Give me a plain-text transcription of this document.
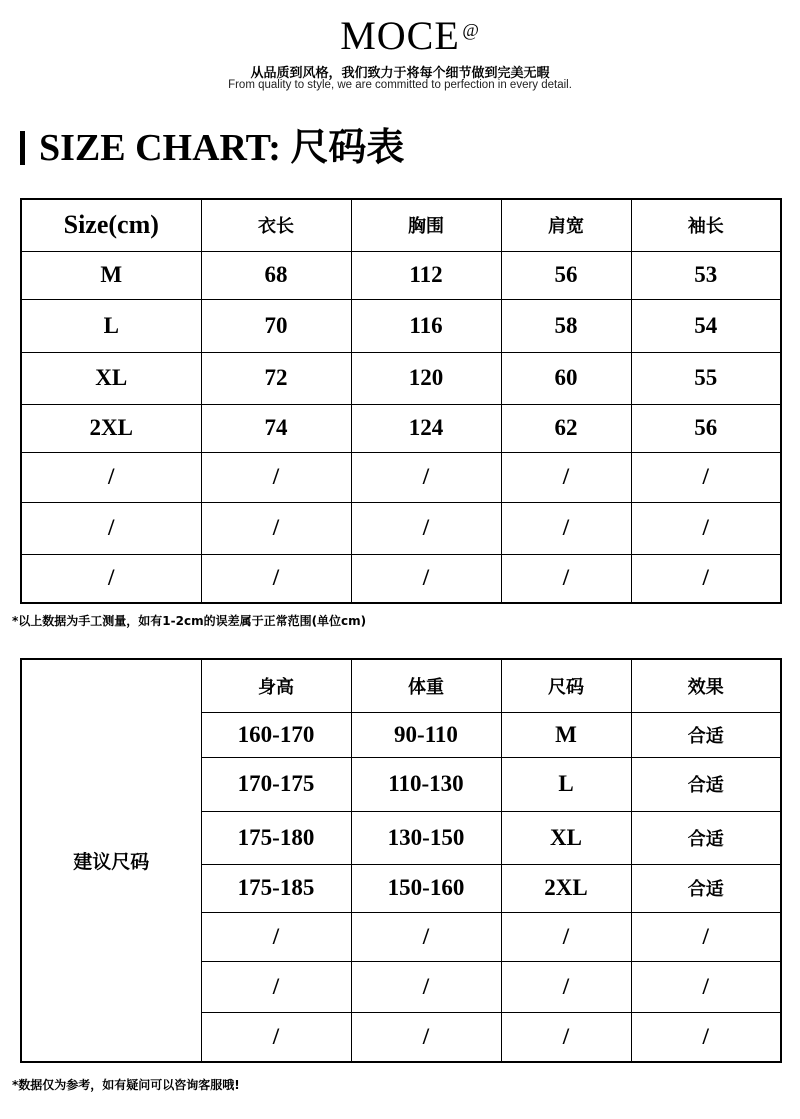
MOCE @
从品质到风格，我们致力于将每个细节做到完美无暇
From quality to style, we are committed to perfection in every detail.
SIZE CHART: 尺码表
Size(cm)	衣长	胸围	肩宽	袖长
M	68	112	56	53
L	70	116	58	54
XL	72	120	60	55
2XL	74	124	62	56
/	/	/	/	/
/	/	/	/	/
/	/	/	/	/
*以上数据为手工测量，如有1-2cm的误差属于正常范围(单位cm)
建议尺码	身高	体重	尺码	效果
	160-170	90-110	M	合适
	170-175	110-130	L	合适
	175-180	130-150	XL	合适
	175-185	150-160	2XL	合适
	/	/	/	/
	/	/	/	/
	/	/	/	/
*数据仅为参考，如有疑问可以咨询客服哦!
